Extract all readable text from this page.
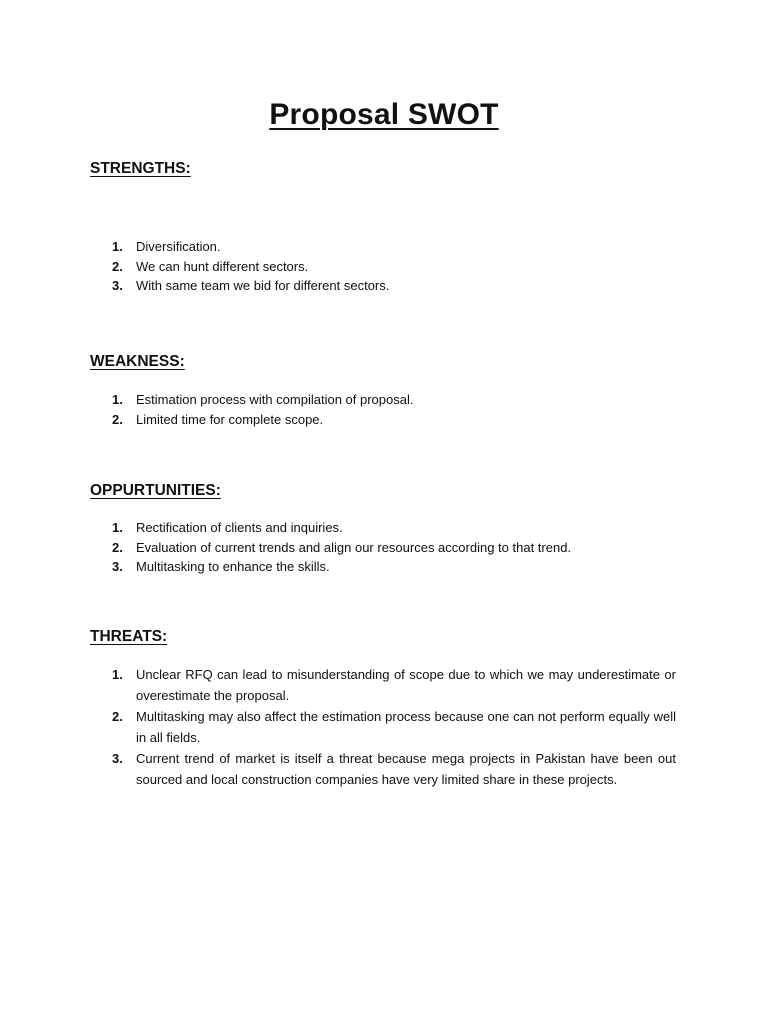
Proposal SWOT
STRENGTHS:
1. Diversification.
2. We can hunt different sectors.
3. With same team we bid for different sectors.
WEAKNESS:
1. Estimation process with compilation of proposal.
2. Limited time for complete scope.
OPPURTUNITIES:
1. Rectification of clients and inquiries.
2. Evaluation of current trends and align our resources according to that trend.
3. Multitasking to enhance the skills.
THREATS:
1. Unclear RFQ can lead to misunderstanding of scope due to which we may underestimate or overestimate the proposal.
2. Multitasking may also affect the estimation process because one can not perform equally well in all fields.
3. Current trend of market is itself a threat because mega projects in Pakistan have been out sourced and local construction companies have very limited share in these projects.
